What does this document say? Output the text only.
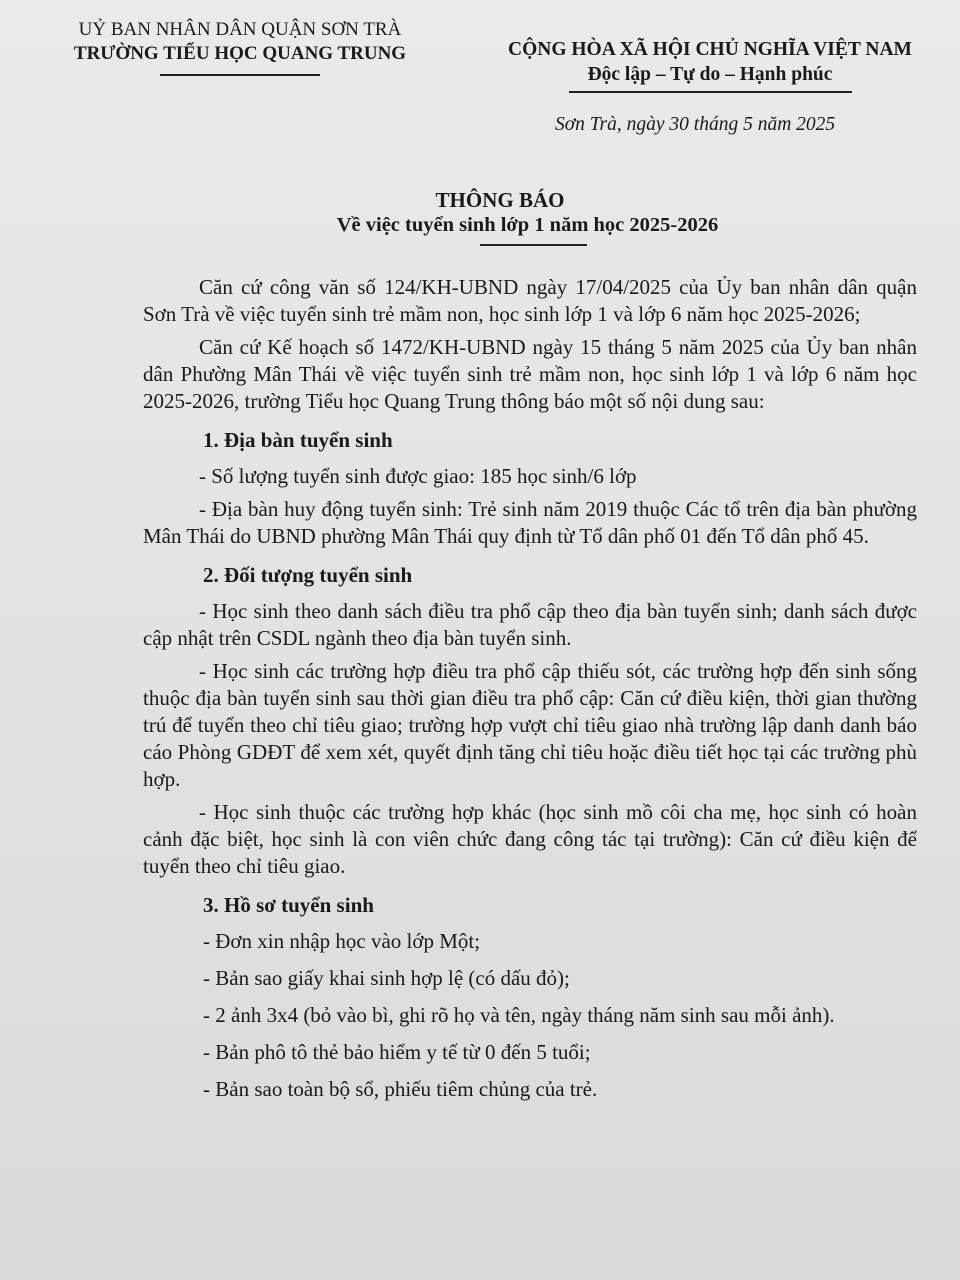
UỶ BAN NHÂN DÂN QUẬN SƠN TRÀ
TRƯỜNG TIỂU HỌC QUANG TRUNG	CỘNG HÒA XÃ HỘI CHỦ NGHĨA VIỆT NAM
Độc lập – Tự do – Hạnh phúc
Sơn Trà, ngày 30 tháng 5 năm 2025
THÔNG BÁO
Về việc tuyển sinh lớp 1 năm học 2025-2026

Căn cứ công văn số 124/KH-UBND ngày 17/04/2025 của Ủy ban nhân dân quận Sơn Trà về việc tuyển sinh trẻ mầm non, học sinh lớp 1 và lớp 6 năm học 2025-2026;

Căn cứ Kế hoạch số 1472/KH-UBND ngày 15 tháng 5 năm 2025 của Ủy ban nhân dân Phường Mân Thái về việc tuyển sinh trẻ mầm non, học sinh lớp 1 và lớp 6 năm học 2025-2026, trường Tiểu học Quang Trung thông báo một số nội dung sau:

1. Địa bàn tuyển sinh

- Số lượng tuyển sinh được giao: 185 học sinh/6 lớp

- Địa bàn huy động tuyển sinh: Trẻ sinh năm 2019 thuộc Các tổ trên địa bàn phường Mân Thái do UBND phường Mân Thái quy định từ Tổ dân phố 01 đến Tổ dân phố 45.

2. Đối tượng tuyển sinh

- Học sinh theo danh sách điều tra phổ cập theo địa bàn tuyển sinh; danh sách được cập nhật trên CSDL ngành theo địa bàn tuyển sinh.

- Học sinh các trường hợp điều tra phổ cập thiếu sót, các trường hợp đến sinh sống thuộc địa bàn tuyển sinh sau thời gian điều tra phổ cập: Căn cứ điều kiện, thời gian thường trú để tuyển theo chỉ tiêu giao; trường hợp vượt chỉ tiêu giao nhà trường lập danh danh báo cáo Phòng GDĐT để xem xét, quyết định tăng chỉ tiêu hoặc điều tiết học tại các trường phù hợp.

- Học sinh thuộc các trường hợp khác (học sinh mồ côi cha mẹ, học sinh có hoàn cảnh đặc biệt, học sinh là con viên chức đang công tác tại trường): Căn cứ điều kiện để tuyển theo chỉ tiêu giao.

3. Hồ sơ tuyển sinh

- Đơn xin nhập học vào lớp Một;

- Bản sao giấy khai sinh hợp lệ (có dấu đỏ);

- 2 ảnh 3x4 (bỏ vào bì, ghi rõ họ và tên, ngày tháng năm sinh sau mỗi ảnh).

- Bản phô tô thẻ bảo hiểm y tế từ 0 đến 5 tuổi;

- Bản sao toàn bộ sổ, phiếu tiêm chủng của trẻ.
